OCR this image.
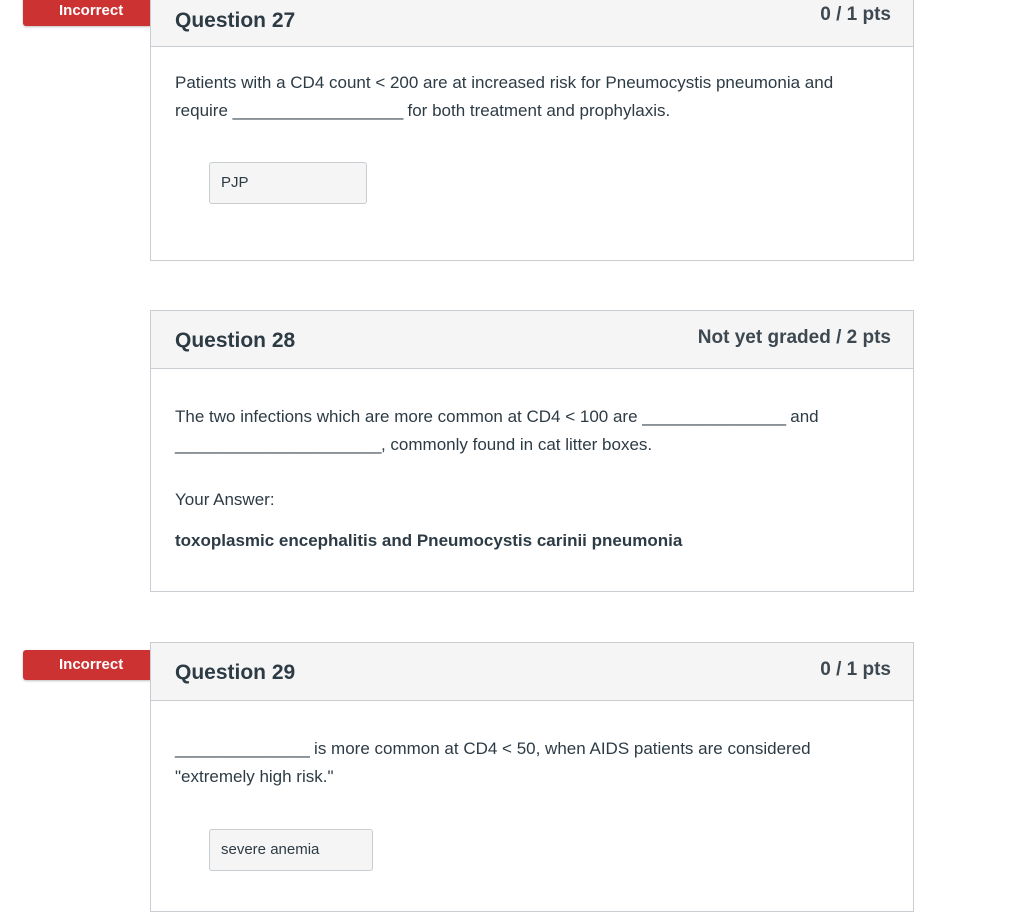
Incorrect	Question 27	0 / 1 pts
Patients with a CD4 count < 200 are at increased risk for Pneumocystis pneumonia and require ___________________ for both treatment and prophylaxis.
PJP
Question 28	Not yet graded / 2 pts
The two infections which are more common at CD4 < 100 are ________________ and
_______________________, commonly found in cat litter boxes.
Your Answer:
toxoplasmic encephalitis and Pneumocystis carinii pneumonia
Incorrect	Question 29	0 / 1 pts
_______________ is more common at CD4 < 50, when AIDS patients are considered "extremely high risk."
severe anemia
